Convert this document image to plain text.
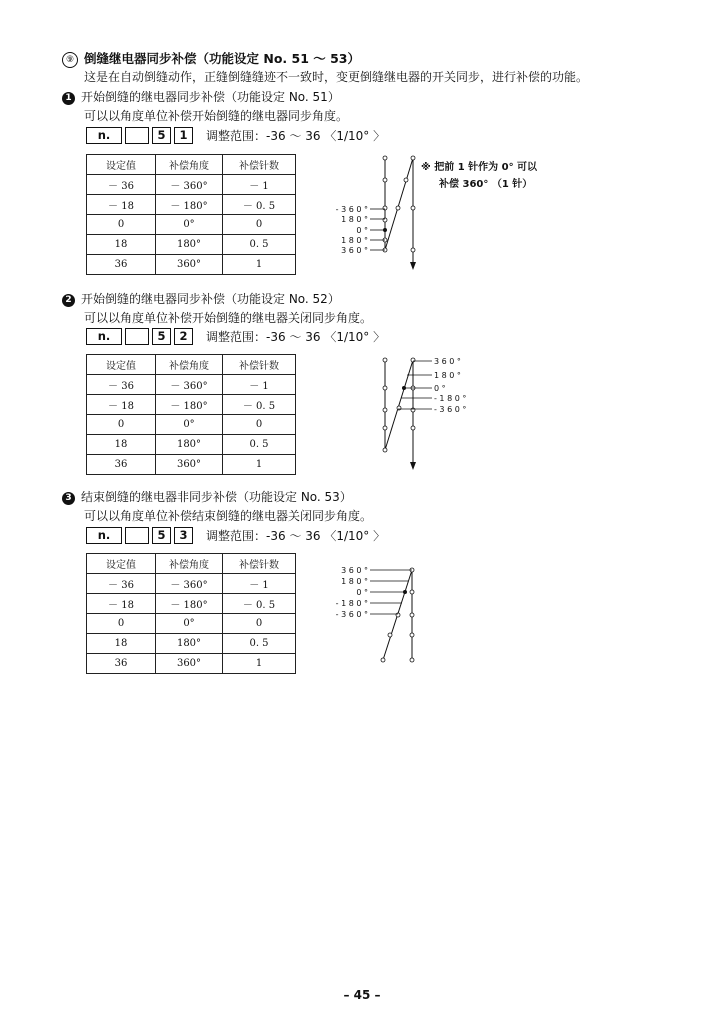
⑨ 倒缝继电器同步补偿（功能设定 No. 51 ～ 53）
这是在自动倒缝动作，正缝倒缝缝迹不一致时，变更倒缝继电器的开关同步，进行补偿的功能。
1 开始倒缝的继电器同步补偿（功能设定 No. 51）
可以以角度单位补偿开始倒缝的继电器同步角度。
n.	5 1 调整范围：-36 ～ 36 〈1/10° 〉
设定值	补偿角度	补偿针数
－ 36	－ 360°	－ 1
－ 18	－ 180°	－ 0. 5
0	0°	0
18	180°	0. 5
36	360°	1
- 3 6 0 °
1 8 0 °
0 °
1 8 0 °
3 6 0 °
※ 把前 1 针作为 0° 可以
补偿 360° （1 针）
2 开始倒缝的继电器同步补偿（功能设定 No. 52）
可以以角度单位补偿开始倒缝的继电器关闭同步角度。
n.	5 2 调整范围：-36 ～ 36 〈1/10° 〉
设定值	补偿角度	补偿针数
－ 36	－ 360°	－ 1
－ 18	－ 180°	－ 0. 5
0	0°	0
18	180°	0. 5
36	360°	1
3 6 0 °
1 8 0 °
0 °
- 1 8 0 °
- 3 6 0 °
3 结束倒缝的继电器非同步补偿（功能设定 No. 53）
可以以角度单位补偿结束倒缝的继电器关闭同步角度。
n.	5 3 调整范围：-36 ～ 36 〈1/10° 〉
设定值	补偿角度	补偿针数
－ 36	－ 360°	－ 1
－ 18	－ 180°	－ 0. 5
0	0°	0
18	180°	0. 5
36	360°	1
3 6 0 °
1 8 0 °
0 °
- 1 8 0 °
- 3 6 0 °
– 45 –
